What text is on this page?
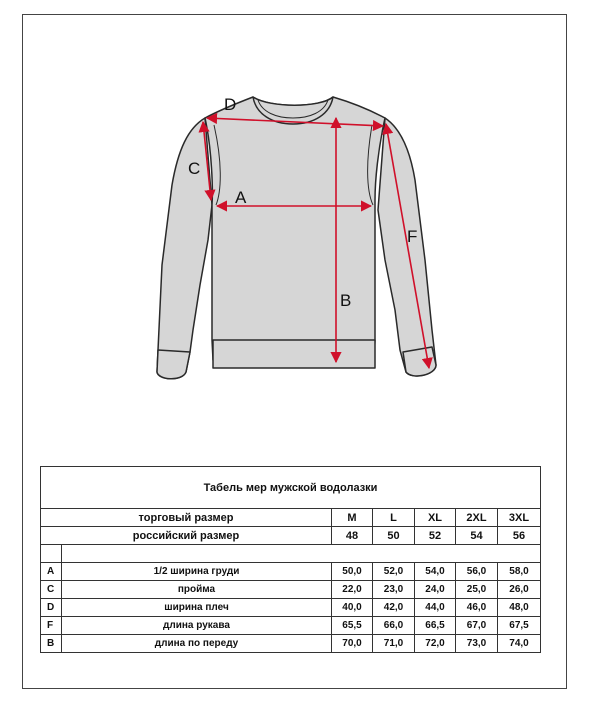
A
B
C
D
F
Табель мер мужской водолазки						
торговый размер		M	L	XL	2XL	3XL
российский размер		48	50	52	54	56

A	1/2 ширина груди	50,0	52,0	54,0	56,0	58,0
C	пройма	22,0	23,0	24,0	25,0	26,0
D	ширина плеч	40,0	42,0	44,0	46,0	48,0
F	длина рукава	65,5	66,0	66,5	67,0	67,5
B	длина по переду	70,0	71,0	72,0	73,0	74,0
